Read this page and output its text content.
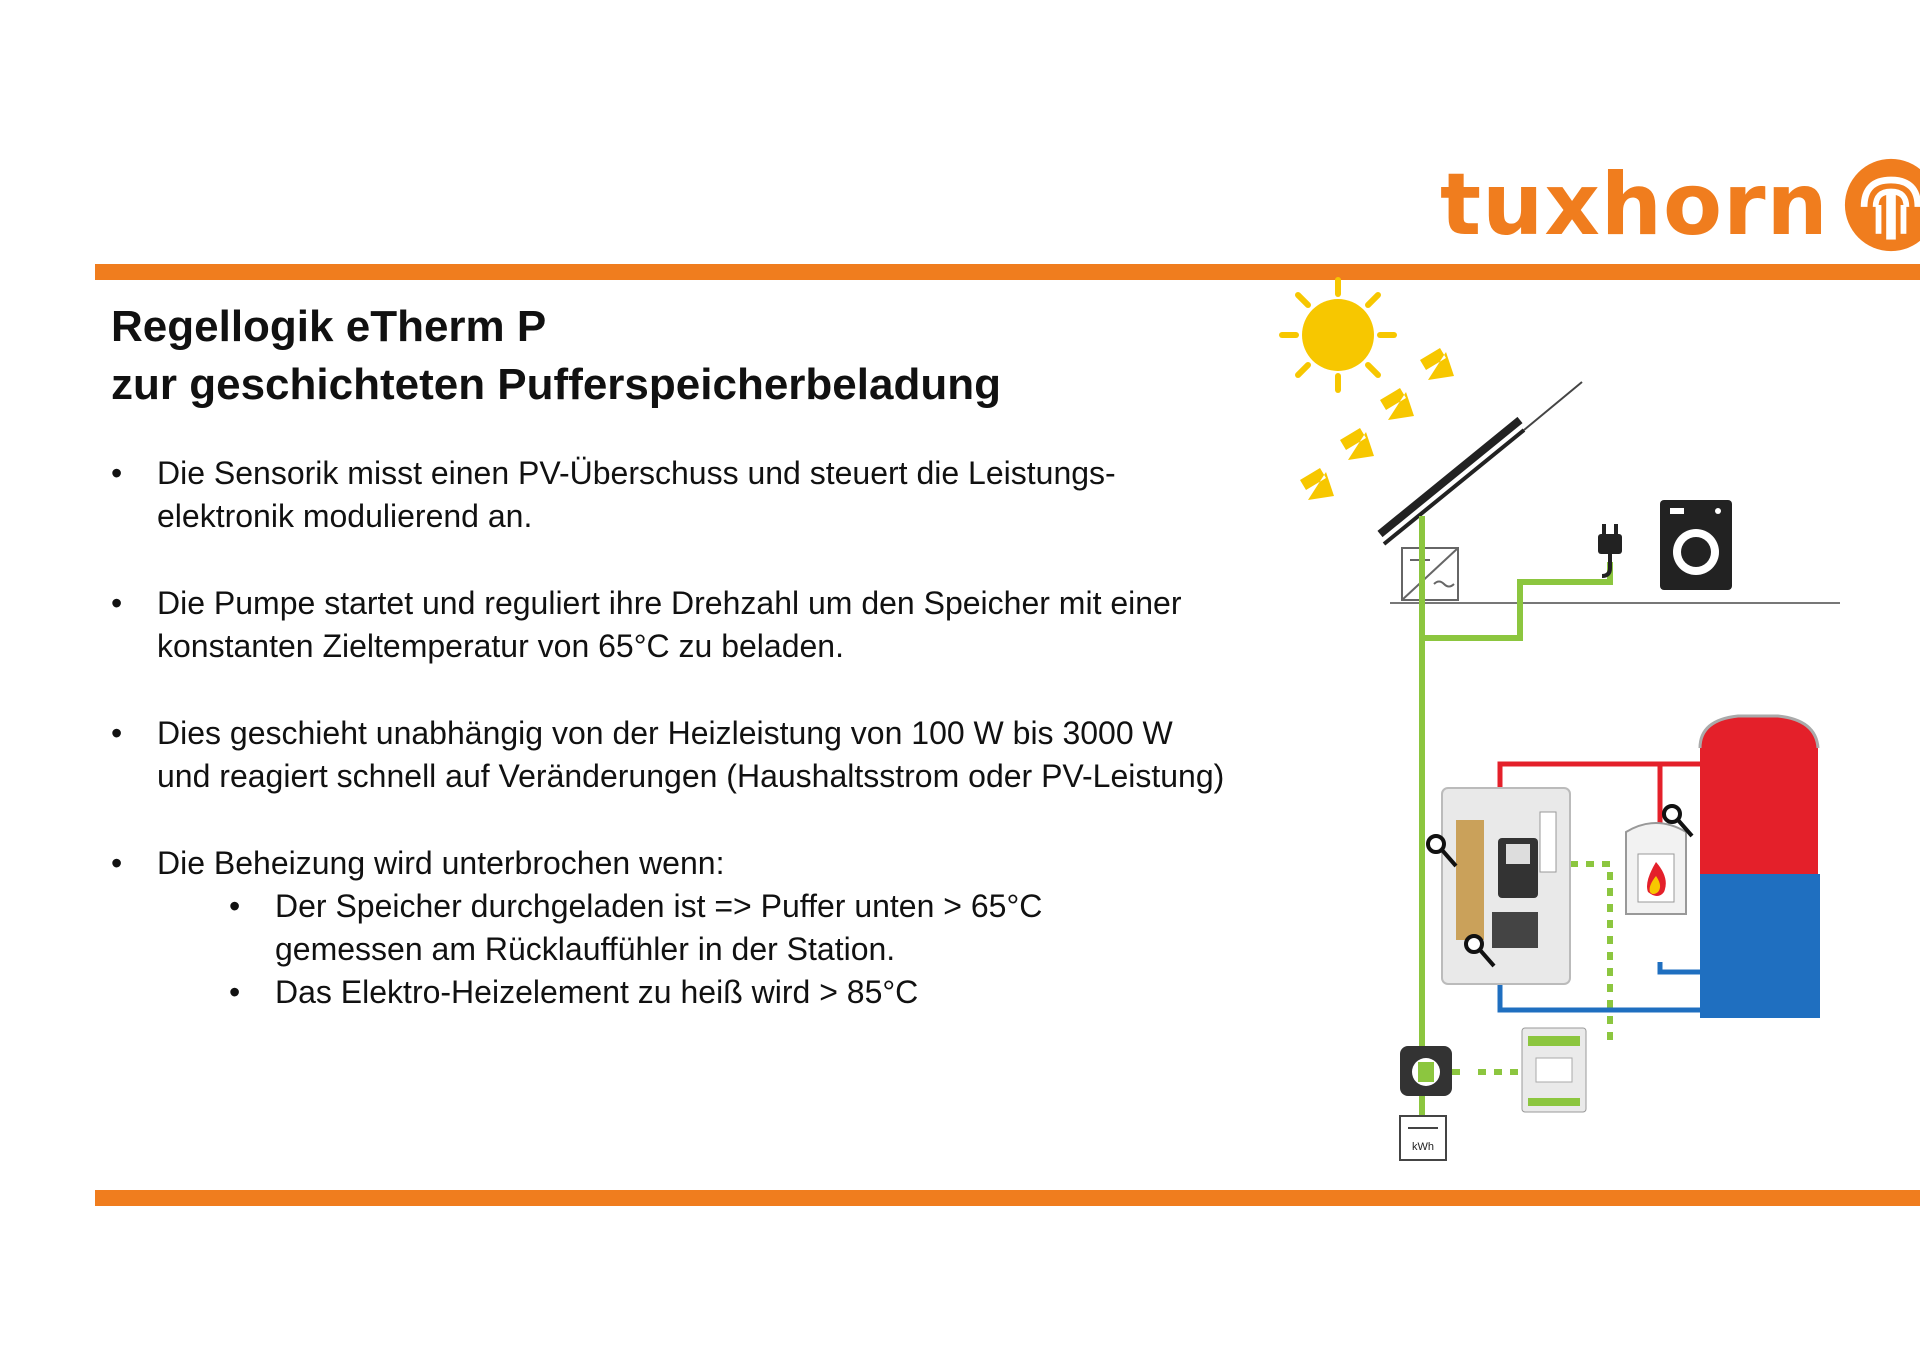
tuxhorn
Regellogik eTherm P
zur geschichteten Pufferspeicherbeladung
• Die Sensorik misst einen PV-Überschuss und steuert die Leistungs-
elektronik modulierend an.
• Die Pumpe startet und reguliert ihre Drehzahl um den Speicher mit einer
konstanten Zieltemperatur von 65°C zu beladen.
• Dies geschieht unabhängig von der Heizleistung von 100 W bis 3000 W
und reagiert schnell auf Veränderungen (Haushaltsstrom oder PV-Leistung)
• Die Beheizung wird unterbrochen wenn:
• Der Speicher durchgeladen ist => Puffer unten > 65°C
gemessen am Rücklauffühler in der Station.
• Das Elektro-Heizelement zu heiß wird > 85°C
kWh
